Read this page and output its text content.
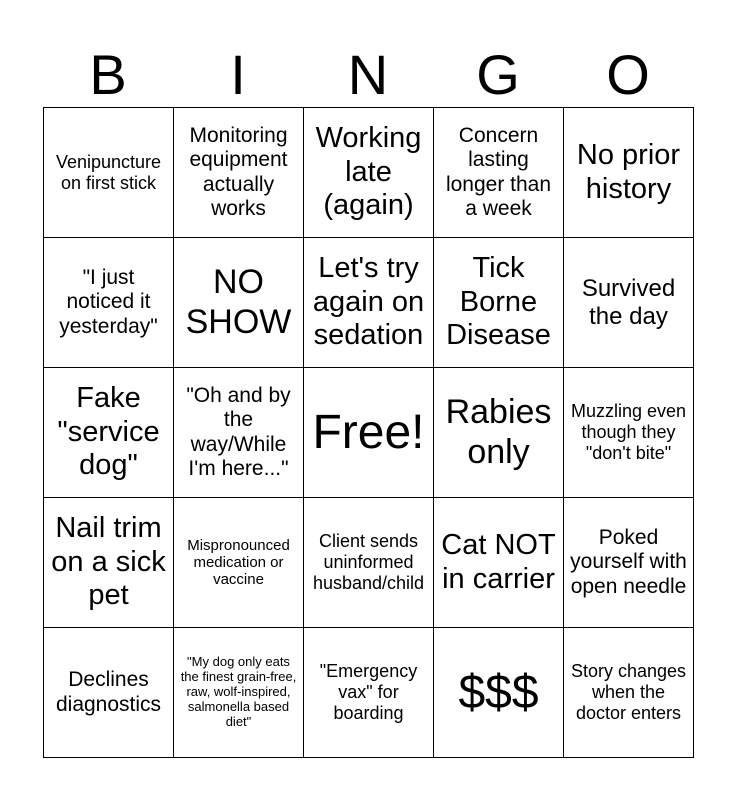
B	I	N	G	O
Venipuncture on first stick	Monitoring equipment actually works	Working late (again)	Concern lasting longer than a week	No prior history
"I just noticed it yesterday"	NO SHOW	Let's try again on sedation	Tick Borne Disease	Survived the day
Fake "service dog"	"Oh and by the way/While I'm here..."	Free!	Rabies only	Muzzling even though they "don't bite"
Nail trim on a sick pet	Mispronounced medication or vaccine	Client sends uninformed husband/child	Cat NOT in carrier	Poked yourself with open needle
Declines diagnostics	"My dog only eats the finest grain-free, raw, wolf-inspired, salmonella based diet"	"Emergency vax" for boarding	$$$	Story changes when the doctor enters
